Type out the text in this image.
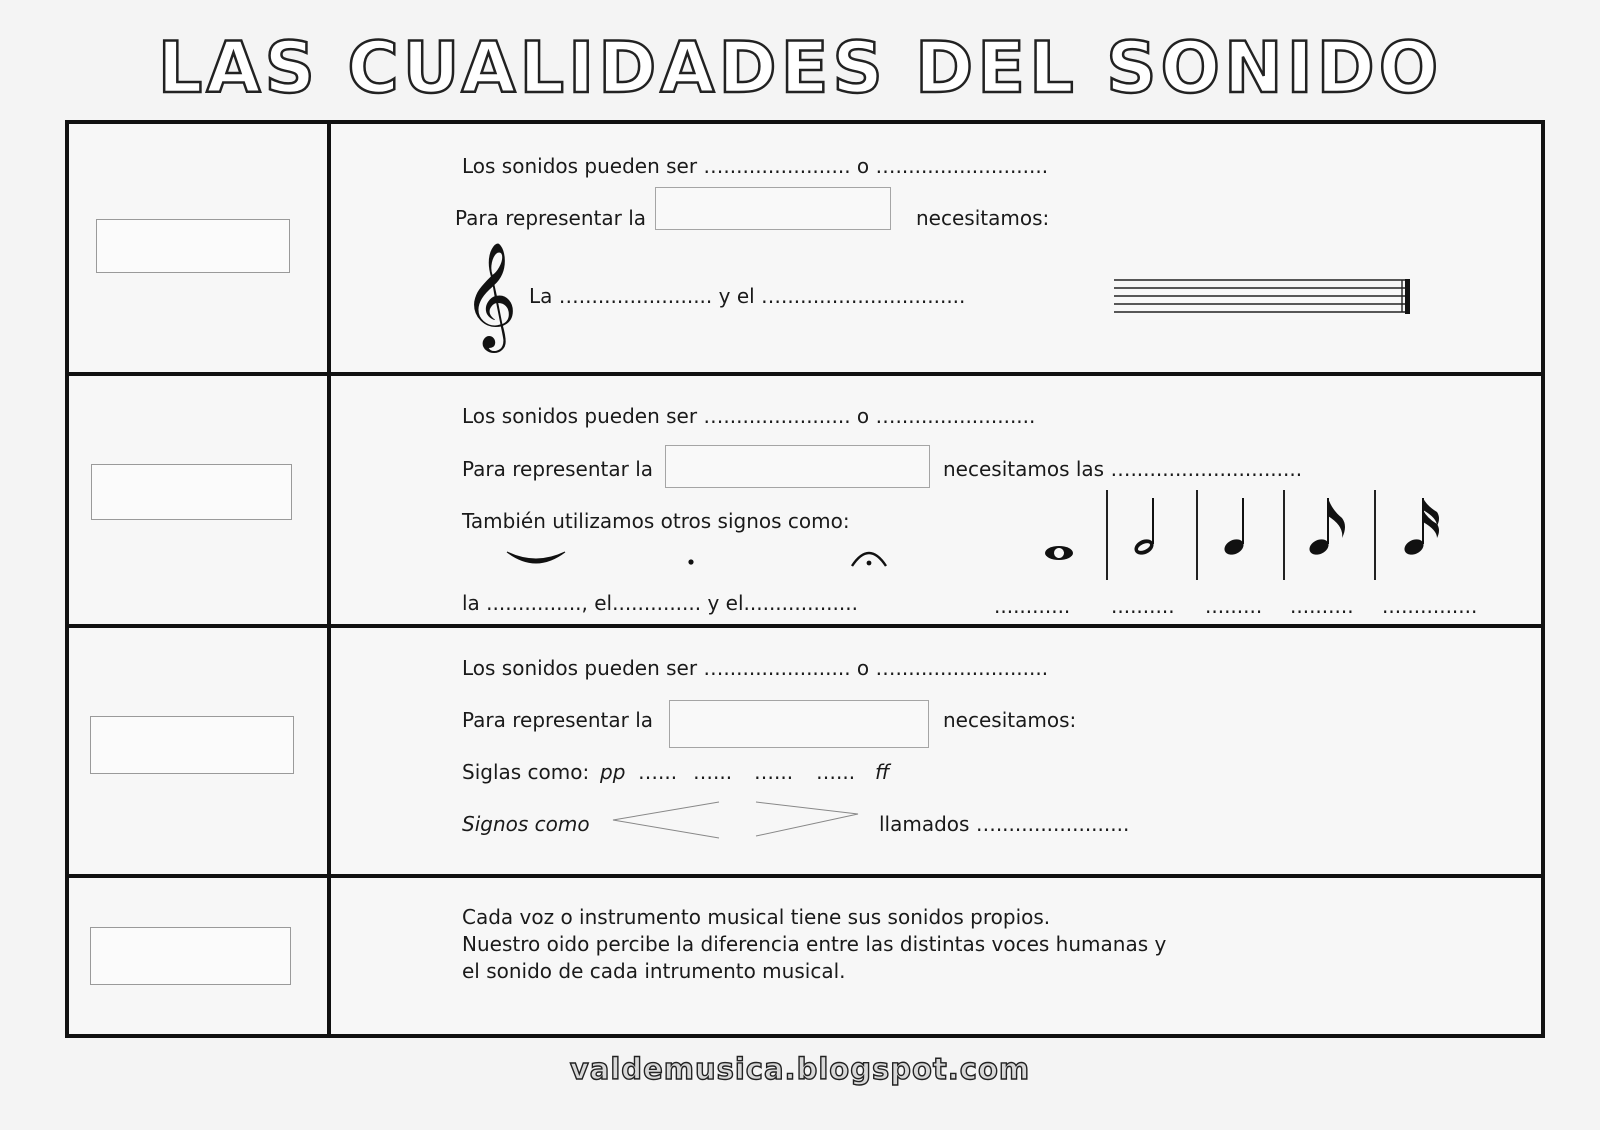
LAS CUALIDADES DEL SONIDO
Los sonidos pueden ser ….................... o …........................
Para representar la	necesitamos:
𝄞 La …..................... y el ….............................
Los sonidos pueden ser ….................... o …......................
Para representar la	necesitamos las …...........................
También utilizamos otros signos como:
la ..............., el.............. y el..................	............ .......... ......... .......... ...............
Los sonidos pueden ser ….................... o …........................
Para representar la	necesitamos:
Siglas como: pp …... …... …... …... ff
Signos como	llamados ….....................
Cada voz o instrumento musical tiene sus sonidos propios.
Nuestro oido percibe la diferencia entre las distintas voces humanas y
el sonido de cada intrumento musical.
valdemusica.blogspot.com
